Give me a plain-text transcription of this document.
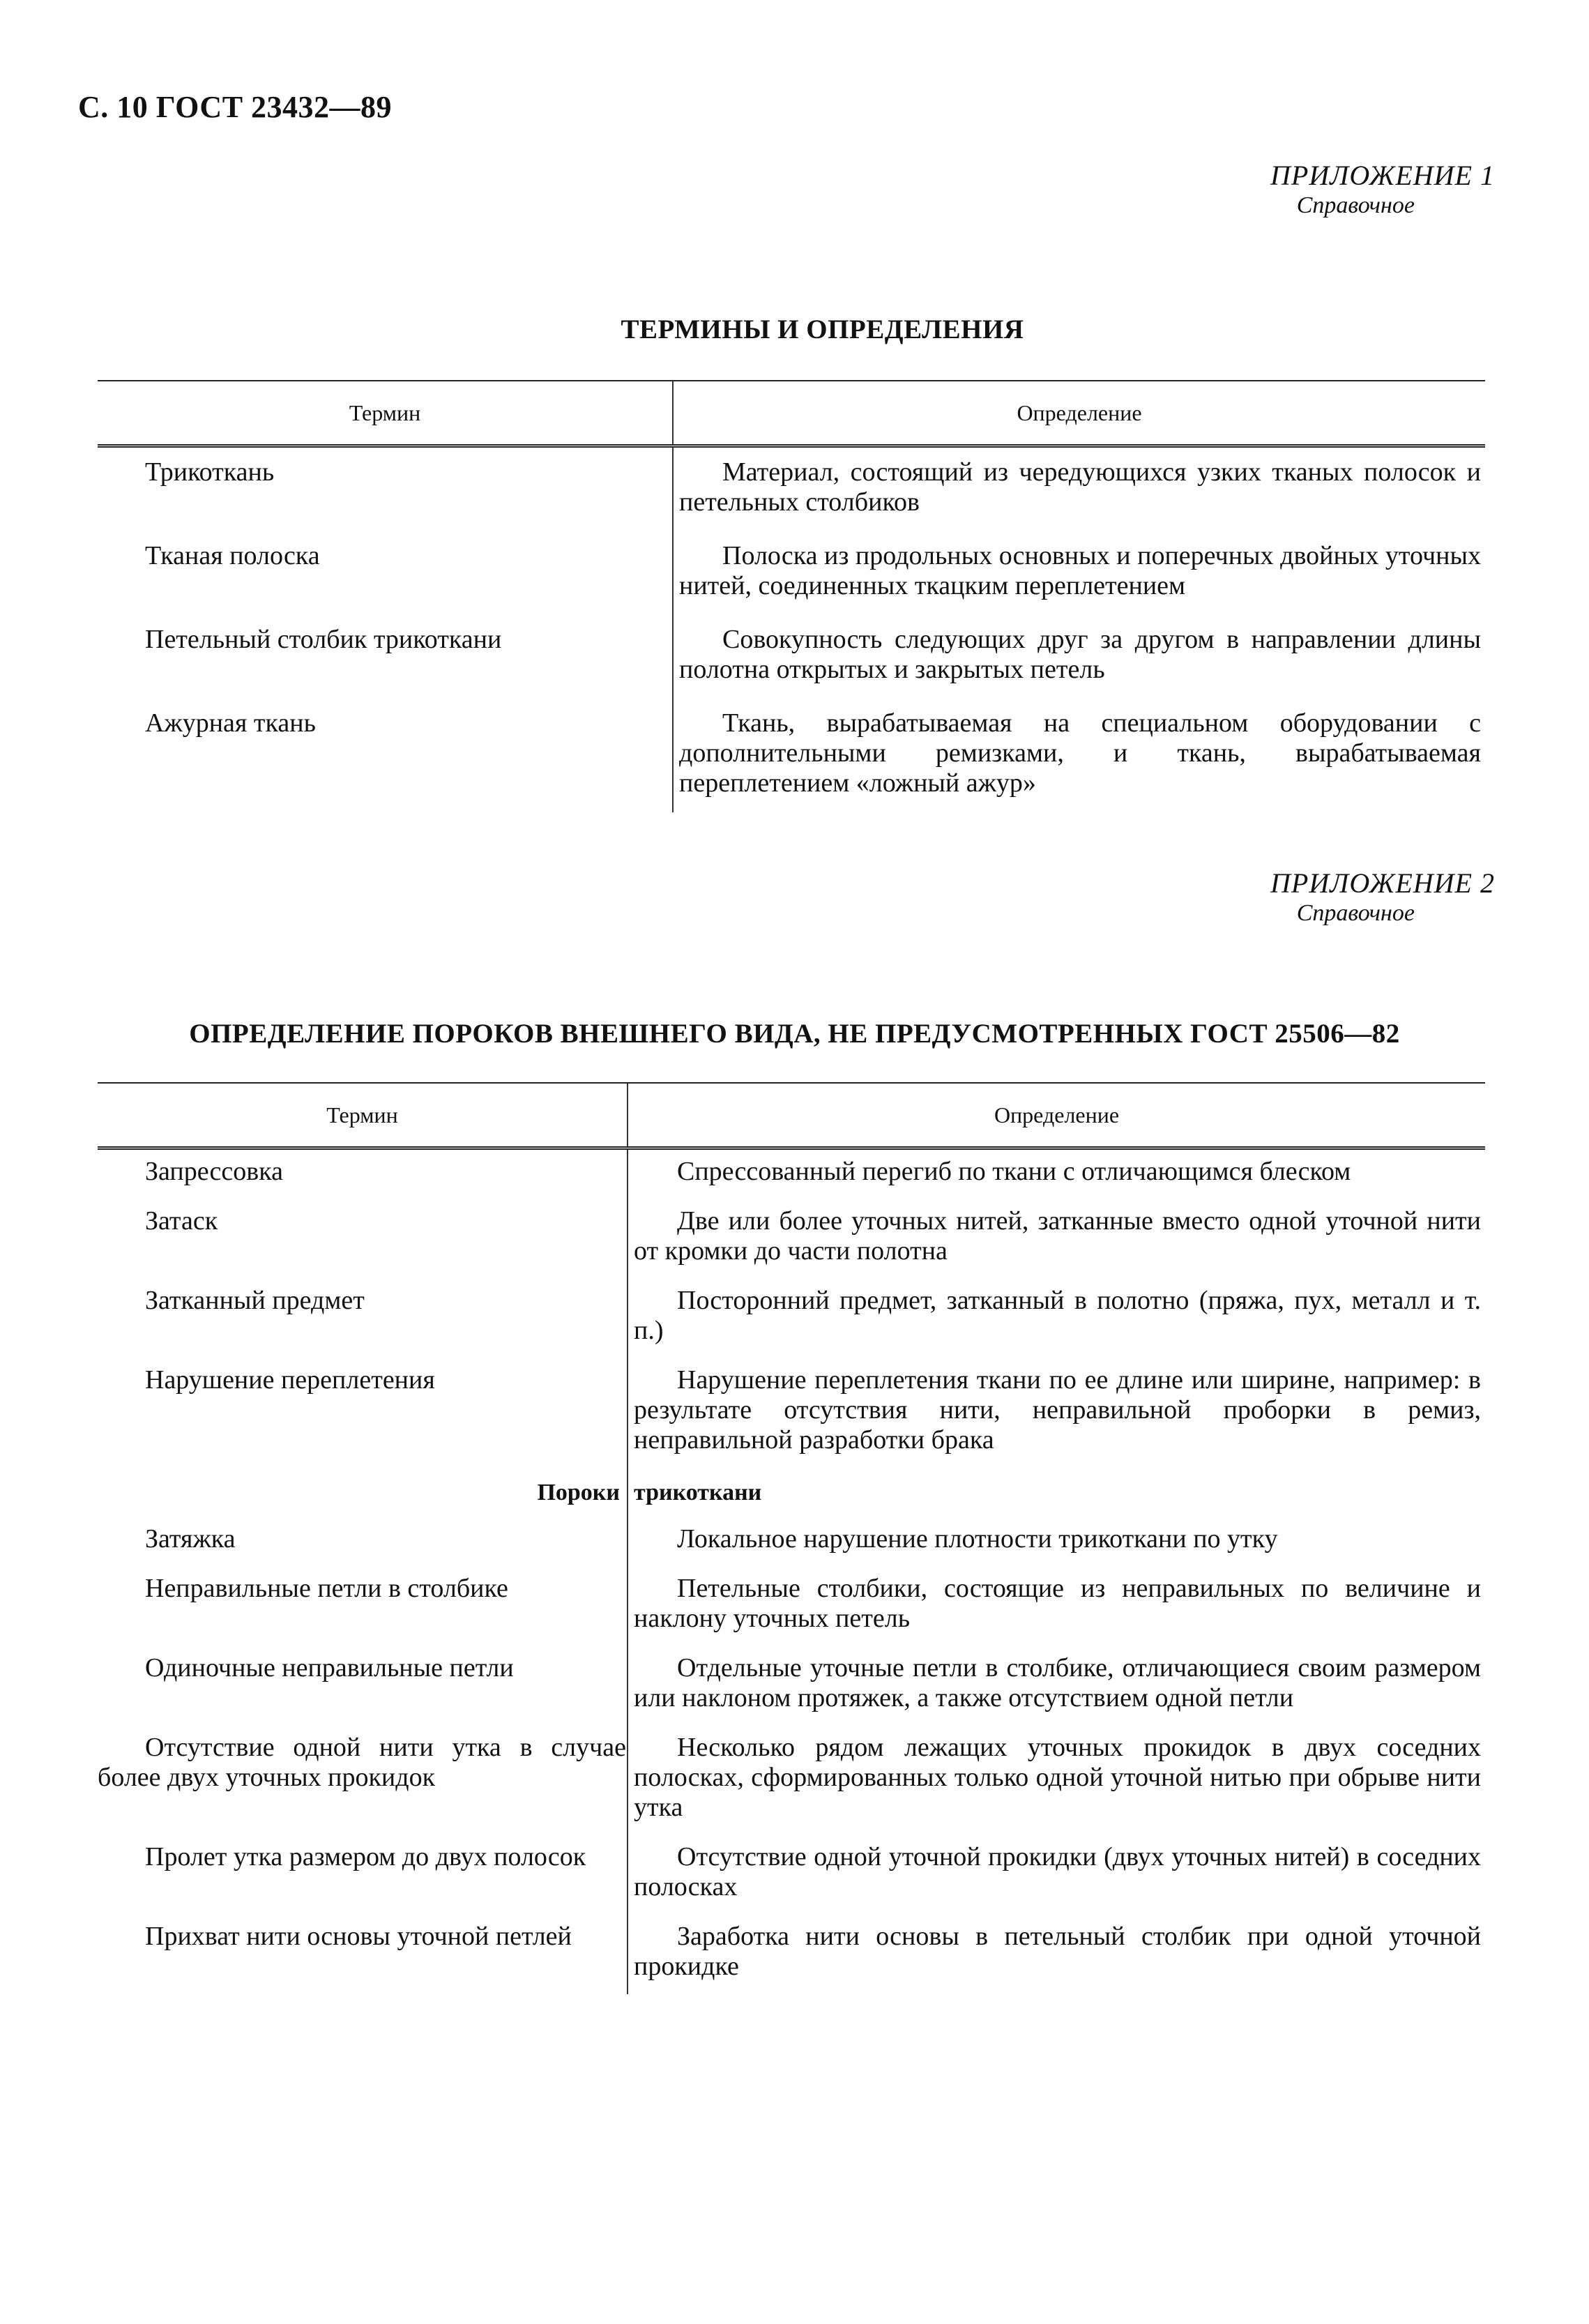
С. 10 ГОСТ 23432—89
ПРИЛОЖЕНИЕ 1
Справочное
ТЕРМИНЫ И ОПРЕДЕЛЕНИЯ
Термин	Определение
Трикоткань	Материал, состоящий из чередующихся узких тканых полосок и петельных столбиков
Тканая полоска	Полоска из продольных основных и поперечных двойных уточных нитей, соединенных ткацким переплетением
Петельный столбик трикоткани	Совокупность следующих друг за другом в направлении длины полотна открытых и закрытых петель
Ажурная ткань	Ткань, вырабатываемая на специальном оборудовании с дополнительными ремизками, и ткань, вырабатываемая переплетением «ложный ажур»
ПРИЛОЖЕНИЕ 2
Справочное
ОПРЕДЕЛЕНИЕ ПОРОКОВ ВНЕШНЕГО ВИДА, НЕ ПРЕДУСМОТРЕННЫХ ГОСТ 25506—82
Термин	Определение
Запрессовка	Спрессованный перегиб по ткани с отличающимся блеском
Затаск	Две или более уточных нитей, затканные вместо одной уточной нити от кромки до части полотна
Затканный предмет	Посторонний предмет, затканный в полотно (пряжа, пух, металл и т. п.)
Нарушение переплетения	Нарушение переплетения ткани по ее длине или ширине, например: в результате отсутствия нити, неправильной проборки в ремиз, неправильной разработки брака
Пороки	трикоткани
Затяжка	Локальное нарушение плотности трикоткани по утку
Неправильные петли в столбике	Петельные столбики, состоящие из неправильных по величине и наклону уточных петель
Одиночные неправильные петли	Отдельные уточные петли в столбике, отличающиеся своим размером или наклоном протяжек, а также отсутствием одной петли
Отсутствие одной нити утка в случае более двух уточных прокидок	Несколько рядом лежащих уточных прокидок в двух соседних полосках, сформированных только одной уточной нитью при обрыве нити утка
Пролет утка размером до двух полосок	Отсутствие одной уточной прокидки (двух уточных нитей) в соседних полосках
Прихват нити основы уточной петлей	Заработка нити основы в петельный столбик при одной уточной прокидке
